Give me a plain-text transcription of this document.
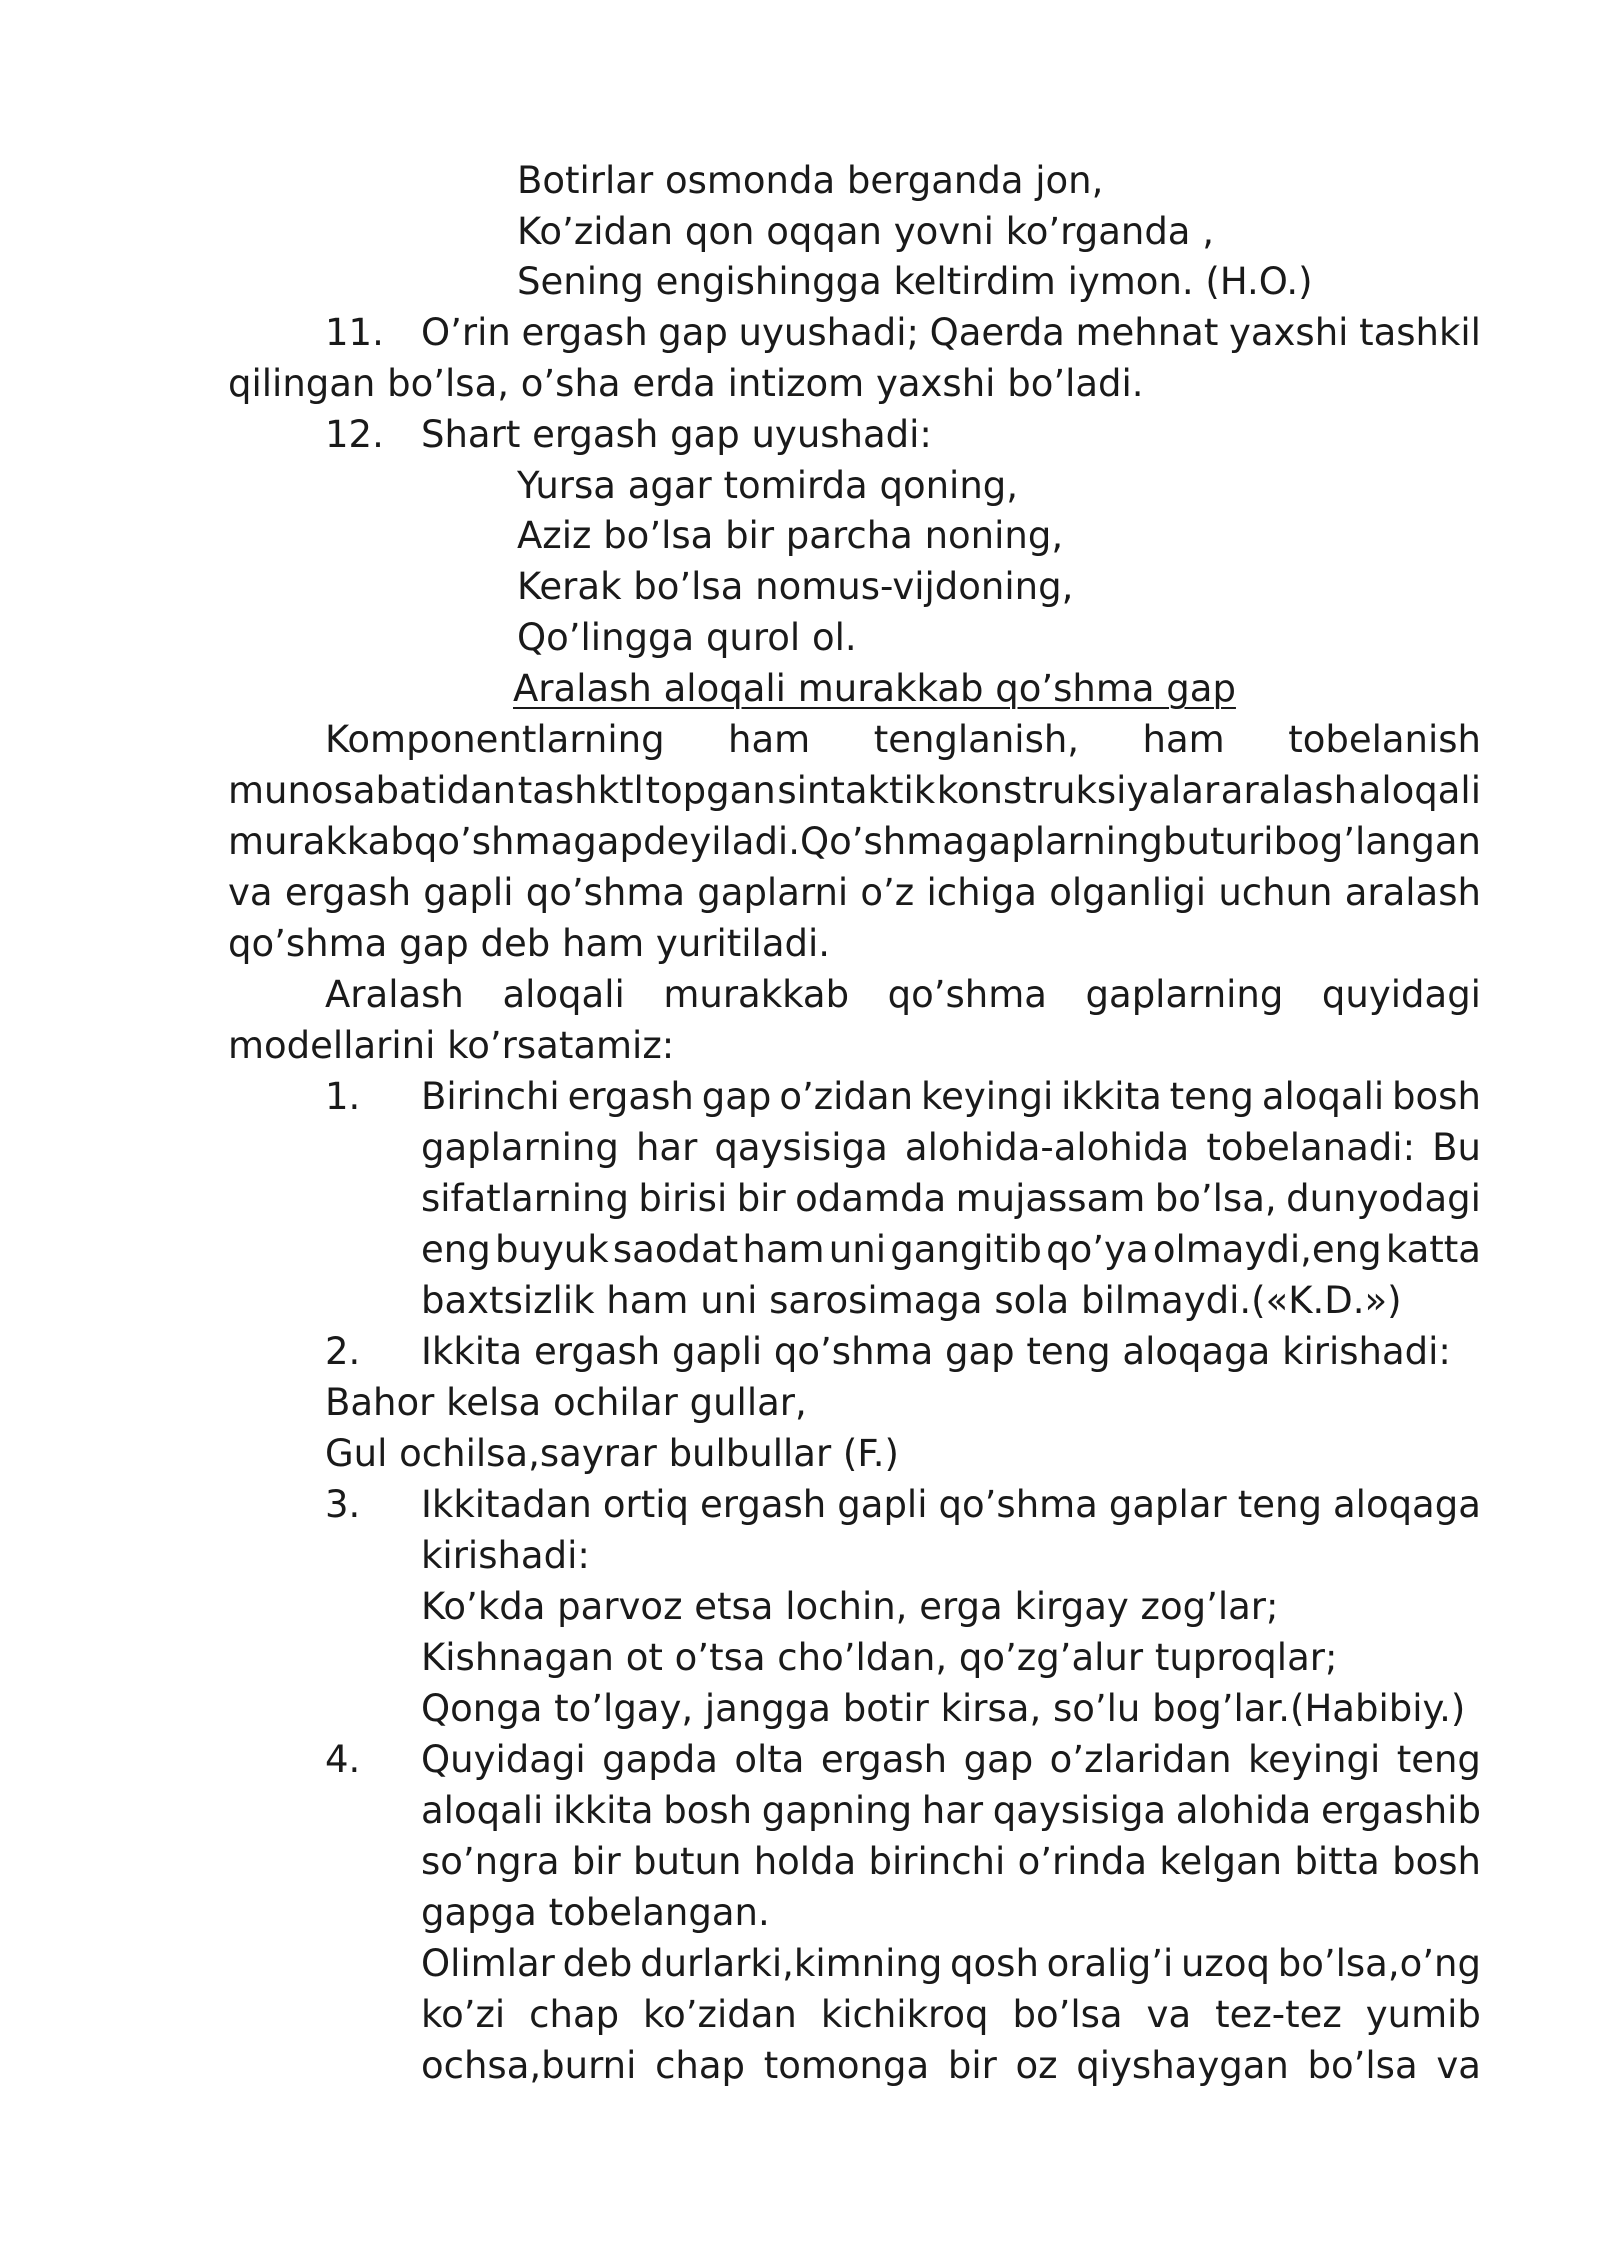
Botirlar osmonda berganda jon,
Ko’zidan qon oqqan yovni ko’rganda ,
Sening engishingga keltirdim iymon. (H.O.)
11. O’rin ergash gap uyushadi; Qaerda mehnat yaxshi tashkil
qilingan bo’lsa, o’sha erda intizom yaxshi bo’ladi.
12. Shart ergash gap uyushadi:
Yursa agar tomirda qoning,
Aziz bo’lsa bir parcha noning,
Kerak bo’lsa nomus-vijdoning,
Qo’lingga qurol ol.
Aralash aloqali murakkab qo’shma gap
Komponentlarning ham tenglanish, ham tobelanish
munosabatidan tashktl topgan sintaktik konstruksiyalar aralash aloqali
murakkab qo’shma gap deyiladi.Qo’shma gaplarning bu turi bog’langan
va ergash gapli qo’shma gaplarni o’z ichiga olganligi uchun aralash
qo’shma gap deb ham yuritiladi.
Aralash aloqali murakkab qo’shma gaplarning quyidagi
modellarini ko’rsatamiz:
1. Birinchi ergash gap o’zidan keyingi ikkita teng aloqali bosh
gaplarning har qaysisiga alohida-alohida tobelanadi: Bu
sifatlarning birisi bir odamda mujassam bo’lsa, dunyodagi
eng buyuk saodat ham uni gangitib qo’ya olmaydi,eng katta
baxtsizlik ham uni sarosimaga sola bilmaydi.(«K.D.»)
2. Ikkita ergash gapli qo’shma gap teng aloqaga kirishadi:
Bahor kelsa ochilar gullar,
Gul ochilsa,sayrar bulbullar (F.)
3. Ikkitadan ortiq ergash gapli qo’shma gaplar teng aloqaga
kirishadi:
Ko’kda parvoz etsa lochin, erga kirgay zog’lar;
Kishnagan ot o’tsa cho’ldan, qo’zg’alur tuproqlar;
Qonga to’lgay, jangga botir kirsa, so’lu bog’lar.(Habibiy.)
4. Quyidagi gapda olta ergash gap o’zlaridan keyingi teng
aloqali ikkita bosh gapning har qaysisiga alohida ergashib
so’ngra bir butun holda birinchi o’rinda kelgan bitta bosh
gapga tobelangan.
Olimlar deb durlarki,kimning qosh oralig’i uzoq bo’lsa,o’ng
ko’zi chap ko’zidan kichikroq bo’lsa va tez-tez yumib
ochsa,burni chap tomonga bir oz qiyshaygan bo’lsa va
